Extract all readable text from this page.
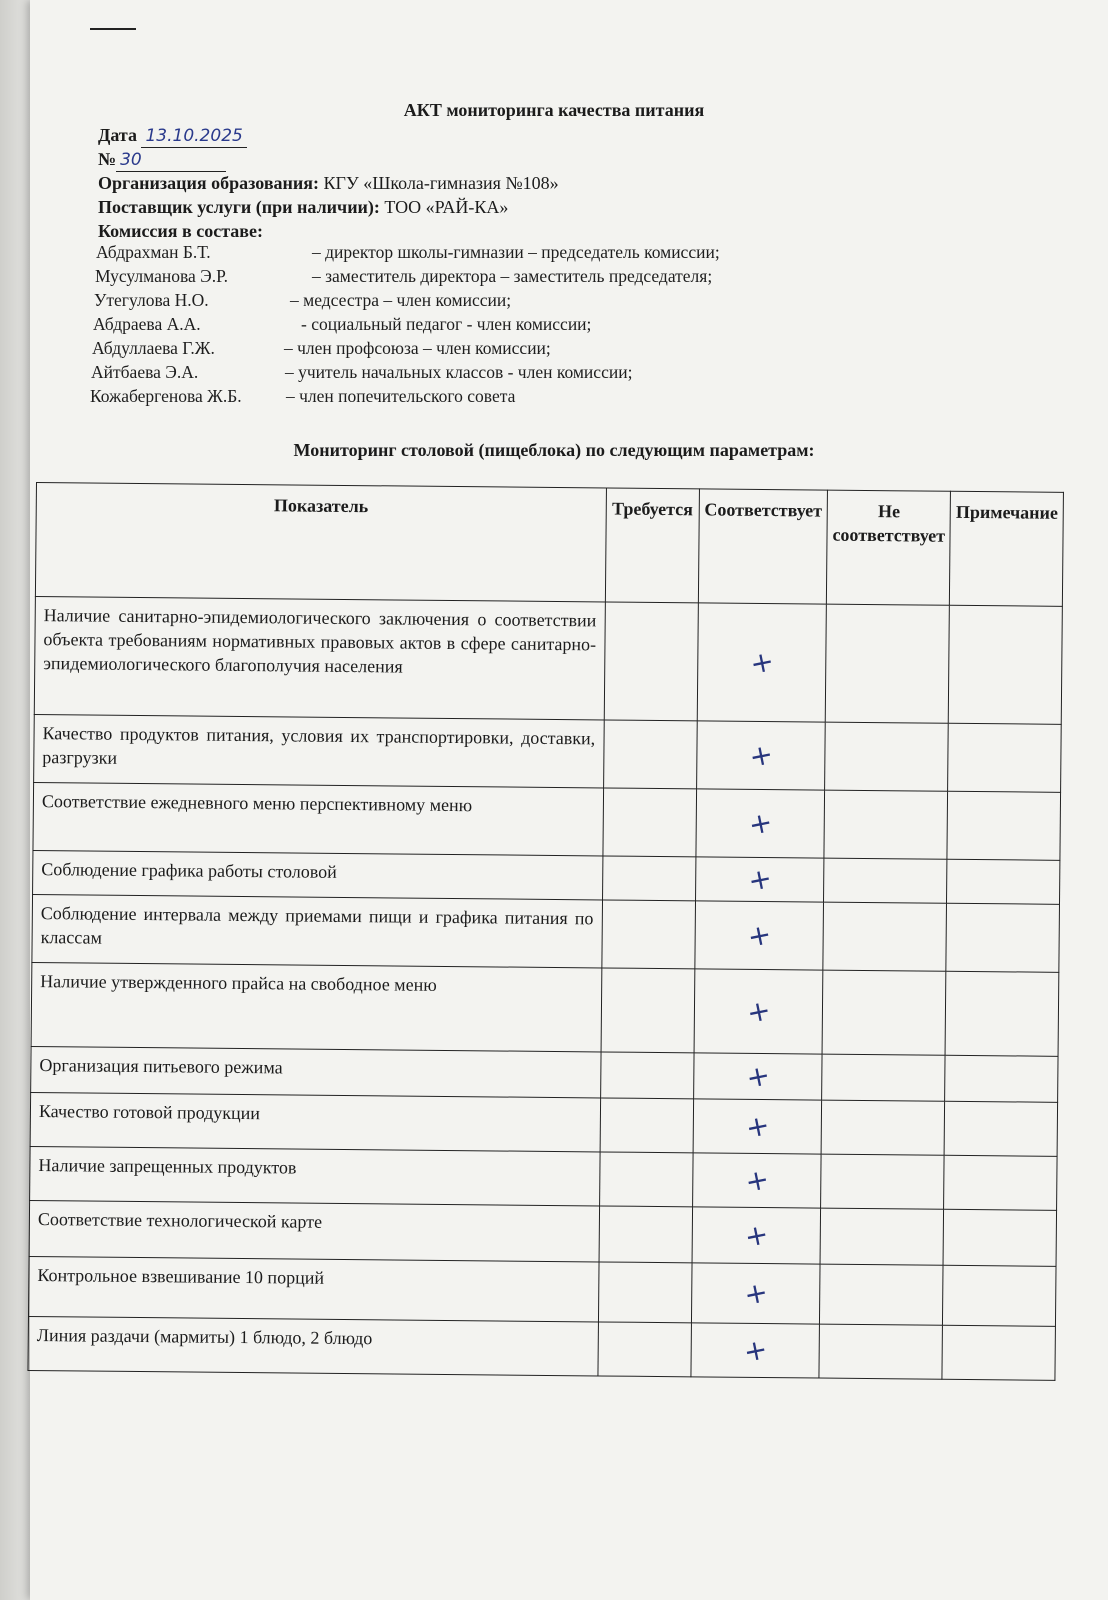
АКТ мониторинга качества питания
Дата 13.10.2025
№ 30
Организация образования: КГУ «Школа-гимназия №108»
Поставщик услуги (при наличии): ТОО «РАЙ-КА»
Комиссия в составе:
Абдрахман Б.Т.	– директор школы-гимназии – председатель комиссии;
Мусулманова Э.Р.	– заместитель директора – заместитель председателя;
Утегулова Н.О.	– медсестра – член комиссии;
Абдраева А.А.	- социальный педагог - член комиссии;
Абдуллаева Г.Ж.	– член профсоюза – член комиссии;
Айтбаева Э.А.	– учитель начальных классов - член комиссии;
Кожабергенова Ж.Б.	– член попечительского совета
Мониторинг столовой (пищеблока) по следующим параметрам:
Показатель	Требуется	Соответствует	Не соответствует	Примечание
Наличие санитарно-эпидемиологического заключения о соответствии объекта требованиям нормативных правовых актов в сфере санитарно-эпидемиологического благополучия населения		+		
Качество продуктов питания, условия их транспортировки, доставки, разгрузки		+		
Соответствие ежедневного меню перспективному меню		+		
Соблюдение графика работы столовой		+		
Соблюдение интервала между приемами пищи и графика питания по классам		+		
Наличие утвержденного прайса на свободное меню		+		
Организация питьевого режима		+		
Качество готовой продукции		+		
Наличие запрещенных продуктов		+		
Соответствие технологической карте		+		
Контрольное взвешивание 10 порций		+		
Линия раздачи (мармиты) 1 блюдо, 2 блюдо		+		
